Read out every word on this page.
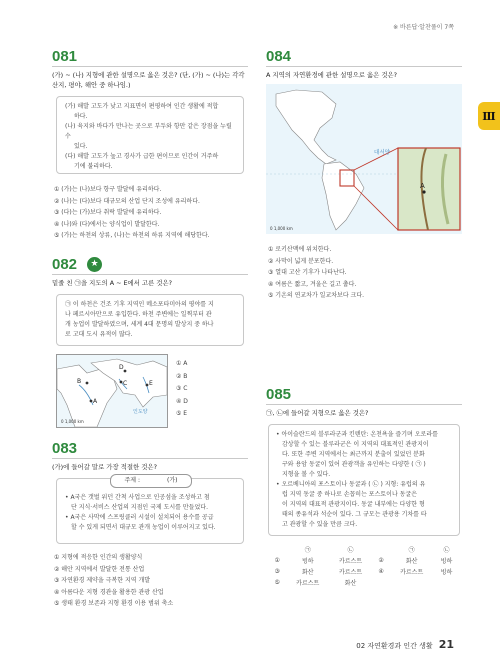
※ 바른답·알찬풀이 7쪽
Ⅲ
081
(가) ~ (나) 지형에 관한 설명으로 옳은 것은? (단, (가) ~ (나)는 각각
산지, 평야, 해안 중 하나임.)
(가) 해발 고도가 낮고 지표면이 편평하여 인간 생활에 적합
하다.
(나) 육지와 바다가 만나는 곳으로 부두와 항만 같은 장점을 누릴 수
있다.
(다) 해발 고도가 높고 경사가 급한 편이므로 인간이 거주하
기에 불리하다.
① (가)는 (나)보다 항구 발달에 유리하다.
② (나)는 (다)보다 대규모의 산업 단지 조성에 유리하다.
③ (다)는 (가)보다 취락 발달에 유리하다.
④ (나)와 (다)에서는 양식업이 발달한다.
⑤ (가)는 하천의 상류, (나)는 하천의 하류 지역에 해당한다.
082	★
밑줄 친 ㉠을 지도의 A ~ E에서 고른 것은?
㉠ 이 하천은 건조 기후 지역인 메소포타미아의 평야를 지
나 페르시아만으로 유입한다. 하천 주변에는 일찍부터 관
개 농업이 발달하였으며, 세계 4대 문명의 발상지 중 하나
로 고대 도시 유적이 많다.
A
B	C
D
E
인도양
0 1,000 km
① A
② B
③ C
④ D
⑤ E
083
(가)에 들어갈 말로 가장 적절한 것은?
• A국은 갯벌 위던 간척 사업으로 인공섬을 조성하고 첨
단 지식·서비스 산업의 지점인 국제 도시를 만들었다.
• A국은 사막에 스프링클러 시설이 설치되어 용수를 공급
할 수 있게 되면서 대규모 관개 농업이 이루어지고 있다.
주제 :	(가)
① 지형에 적응한 인간의 생활양식
② 해안 지역에서 발달한 전통 산업
③ 자연환경 제약을 극복한 지역 개발
④ 아름다운 지형 경관을 활용한 관광 산업
⑤ 생태 환경 보존과 지형 환경 이용 범위 축소
084
A 지역의 자연환경에 관한 설명으로 옳은 것은?
A
대서양
0 1,000 km
① 로키산맥에 위치한다.
② 사막이 넓게 분포한다.
③ 열대 고산 기후가 나타난다.
④ 여름은 짧고, 겨울은 길고 춥다.
⑤ 기온의 연교차가 일교차보다 크다.
085
㉠, ㉡에 들어갈 지형으로 옳은 것은?
• 아이슬란드의 블루라군과 킨텐탄: 온천욕을 즐기며 오로라를
감상할 수 있는 블루라군은 이 지역의 대표적인 관광지이
다. 또한 주변 지역에서는 최근까지 분출이 있었던 분화
구와 용암 동굴이 있어 관광객을 유인하는 다양한 ( ㉠ )
지형을 볼 수 있다.
• 오르베니아의 포스토이나 동굴과 ( ㉡ ) 지형: 유럽의 유
럽 지역 동굴 중 하나로 손꼽히는 포스토이나 동굴은
이 지역의 대표적 관광지이다. 동굴 내부에는 다양한 형
태의 종유석과 석순이 있다. 그 규모는 관광용 기차를 타
고 관광할 수 있을 만큼 크다.
	㉠	㉡		㉠	㉡
①	빙하	카르스트	②	화산	빙하
③	화산	카르스트	④	카르스트	빙하
⑤	카르스트	화산			
02 자연환경과 인간 생활 21
